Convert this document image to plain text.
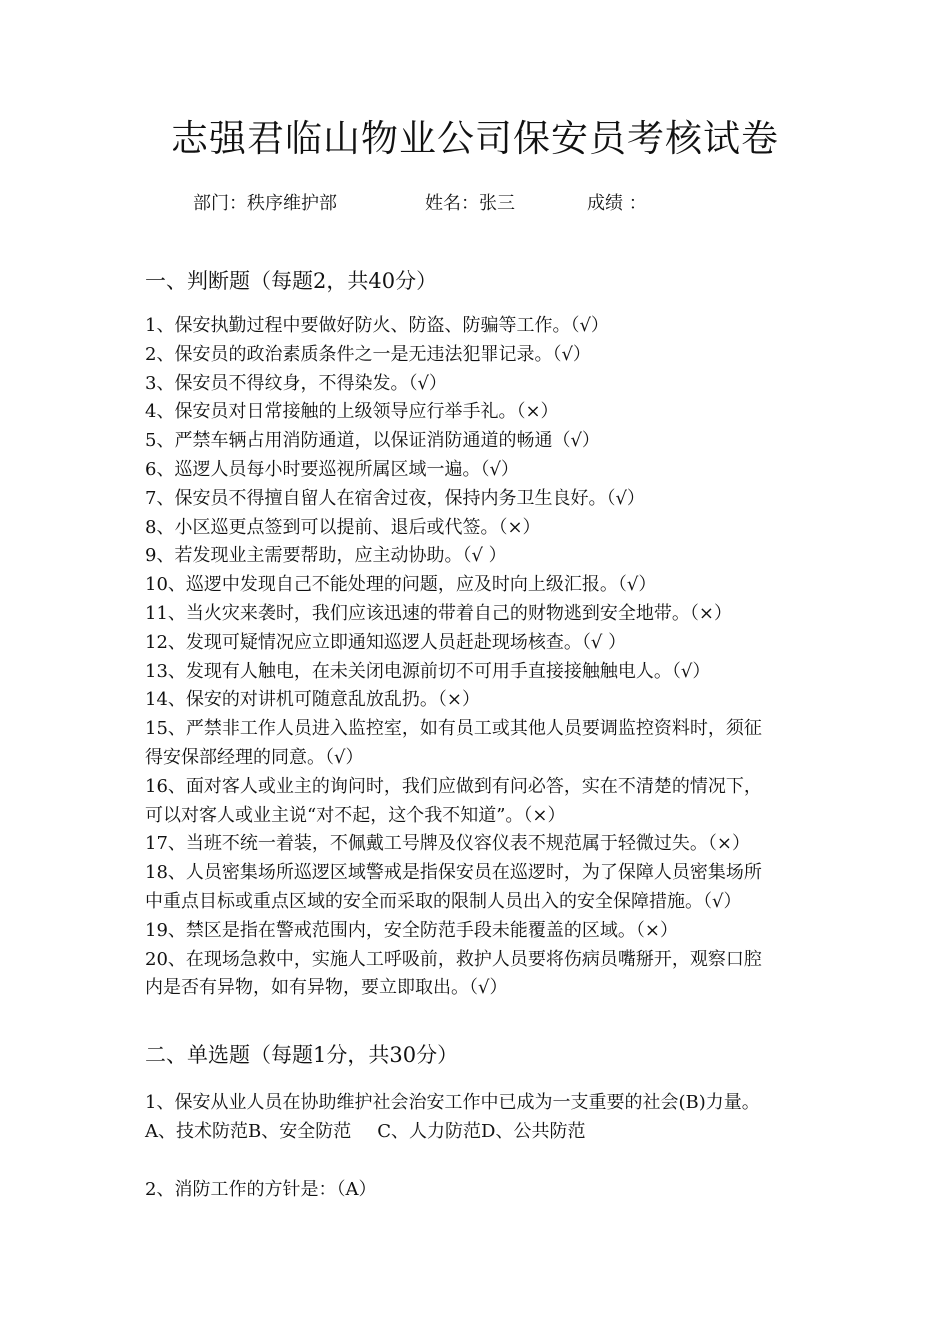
志强君临山物业公司保安员考核试卷
部门：秩序维护部	姓名：张三	成绩 ：
一、判断题（每题2，共40分）
1、保安执勤过程中要做好防火、防盗、防骗等工作。（√）
2、保安员的政治素质条件之一是无违法犯罪记录。（√）
3、保安员不得纹身，不得染发。（√）
4、保安员对日常接触的上级领导应行举手礼。（×）
5、严禁车辆占用消防通道，以保证消防通道的畅通（√）
6、巡逻人员每小时要巡视所属区域一遍。（√）
7、保安员不得擅自留人在宿舍过夜，保持内务卫生良好。（√）
8、小区巡更点签到可以提前、退后或代签。（×）
9、若发现业主需要帮助，应主动协助。（√ ）
10、巡逻中发现自己不能处理的问题，应及时向上级汇报。（√）
11、当火灾来袭时，我们应该迅速的带着自己的财物逃到安全地带。（×）
12、发现可疑情况应立即通知巡逻人员赶赴现场核查。（√ ）
13、发现有人触电，在未关闭电源前切不可用手直接接触触电人。（√）
14、保安的对讲机可随意乱放乱扔。（×）
15、严禁非工作人员进入监控室，如有员工或其他人员要调监控资料时，须征
得安保部经理的同意。（√）
16、面对客人或业主的询问时，我们应做到有问必答，实在不清楚的情况下，
可以对客人或业主说“对不起，这个我不知道”。（×）
17、当班不统一着装，不佩戴工号牌及仪容仪表不规范属于轻微过失。（×）
18、人员密集场所巡逻区域警戒是指保安员在巡逻时，为了保障人员密集场所
中重点目标或重点区域的安全而采取的限制人员出入的安全保障措施。（√）
19、禁区是指在警戒范围内，安全防范手段未能覆盖的区域。（×）
20、在现场急救中，实施人工呼吸前，救护人员要将伤病员嘴掰开，观察口腔
内是否有异物，如有异物，要立即取出。（√）
二、单选题（每题1分，共30分）
1、保安从业人员在协助维护社会治安工作中已成为一支重要的社会(B)力量。
A、技术防范B、安全防范 C、人力防范D、公共防范
2、消防工作的方针是：（A）
